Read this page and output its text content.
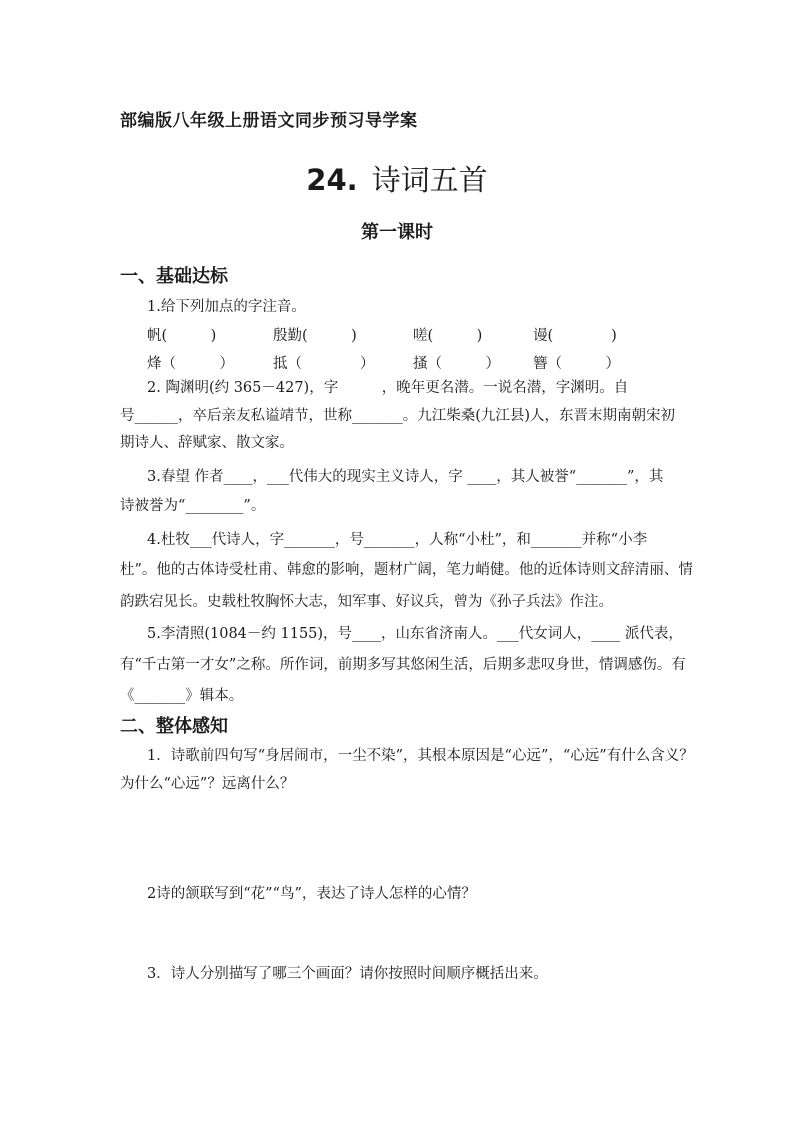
部编版八年级上册语文同步预习导学案
24. 诗词五首
第一课时
一、基础达标
1.给下列加点的字注音。
帆(　　　)	殷勤(　　　)	嗟(　　　)	谩(　　　　)
烽（　　　）	抵（　　　　）	搔（　　　） 簪（　　　）
2. 陶渊明(约 365－427)，字　　　，晚年更名潜。一说名潜，字渊明。自
号______，卒后亲友私谥靖节，世称_______。九江柴桑(九江县)人，东晋末期南朝宋初
期诗人、辞赋家、散文家。
3.春望 作者____，___代伟大的现实主义诗人，字 ____，其人被誉“_______”，其
诗被誉为“________”。
4.杜牧___代诗人，字_______，号_______，人称“小杜”，和_______并称“小李
杜”。他的古体诗受杜甫、韩愈的影响，题材广阔，笔力峭健。他的近体诗则文辞清丽、情
韵跌宕见长。史载杜牧胸怀大志，知军事、好议兵，曾为《孙子兵法》作注。
5.李清照(1084－约 1155)，号____，山东省济南人。___代女词人，____ 派代表，
有“千古第一才女”之称。所作词，前期多写其悠闲生活，后期多悲叹身世，情调感伤。有
《_______》辑本。
二、整体感知
1．诗歌前四句写“身居闹市，一尘不染”，其根本原因是“心远”，“心远”有什么含义？
为什么“心远”？远离什么？
2诗的颔联写到“花”“鸟”，表达了诗人怎样的心情？
3．诗人分别描写了哪三个画面？请你按照时间顺序概括出来。
